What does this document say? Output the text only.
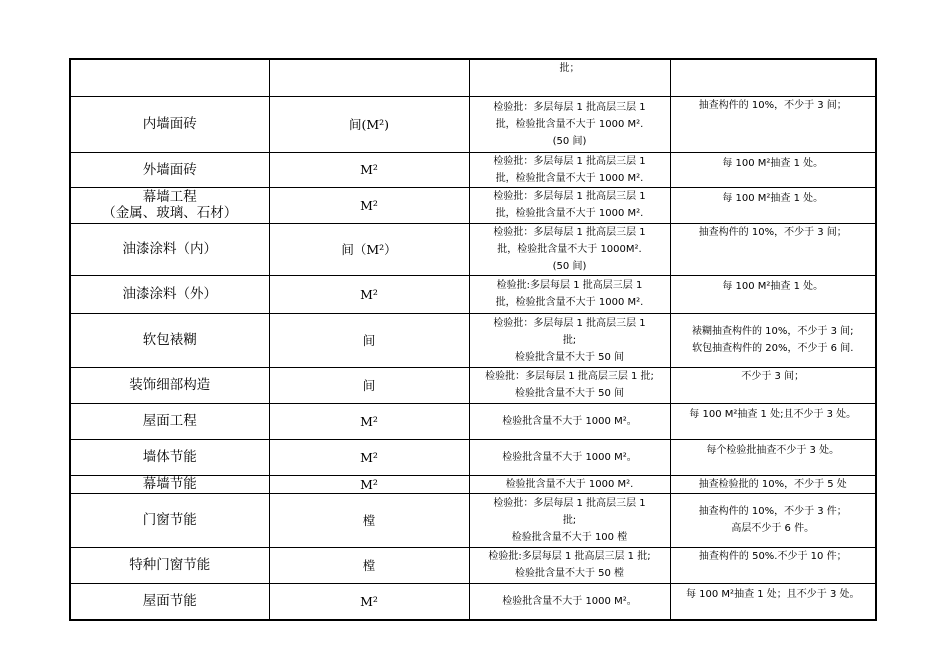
		批；	

内墙面砖	间(M²)	检验批：多层每层 1 批高层三层 1
批，检验批含量不大于 1000 M².
(50 间)	抽查构件的 10%，不少于 3 间；

外墙面砖	M²	检验批：多层每层 1 批高层三层 1
批，检验批含量不大于 1000 M².	每 100 M²抽查 1 处。

幕墙工程
（金属、玻璃、石材）	M²	检验批：多层每层 1 批高层三层 1
批，检验批含量不大于 1000 M².	每 100 M²抽查 1 处。

油漆涂料（内）	间（M²）	检验批：多层每层 1 批高层三层 1
批，检验批含量不大于 1000M².
(50 间)	抽查构件的 10%，不少于 3 间；

油漆涂料（外）	M²	检验批:多层每层 1 批高层三层 1
批，检验批含量不大于 1000 M².	每 100 M²抽查 1 处。

软包裱糊	间	检验批：多层每层 1 批高层三层 1
批;
检验批含量不大于 50 间	裱糊抽查构件的 10%，不少于 3 间;
软包抽查构件的 20%，不少于 6 间.

装饰细部构造	间	检验批：多层每层 1 批高层三层 1 批;
检验批含量不大于 50 间	不少于 3 间；

屋面工程	M²	检验批含量不大于 1000 M²。	每 100 M²抽查 1 处;且不少于 3 处。

墙体节能	M²	检验批含量不大于 1000 M²。	每个检验批抽查不少于 3 处。

幕墙节能	M²	检验批含量不大于 1000 M².	抽查检验批的 10%，不少于 5 处

门窗节能	樘	检验批：多层每层 1 批高层三层 1
批;
检验批含量不大于 100 樘	抽查构件的 10%，不少于 3 件；
高层不少于 6 件。

特种门窗节能	樘	检验批:多层每层 1 批高层三层 1 批;
检验批含量不大于 50 樘	抽查构件的 50%.不少于 10 件；

屋面节能	M²	检验批含量不大于 1000 M²。	每 100 M²抽查 1 处；且不少于 3 处。
